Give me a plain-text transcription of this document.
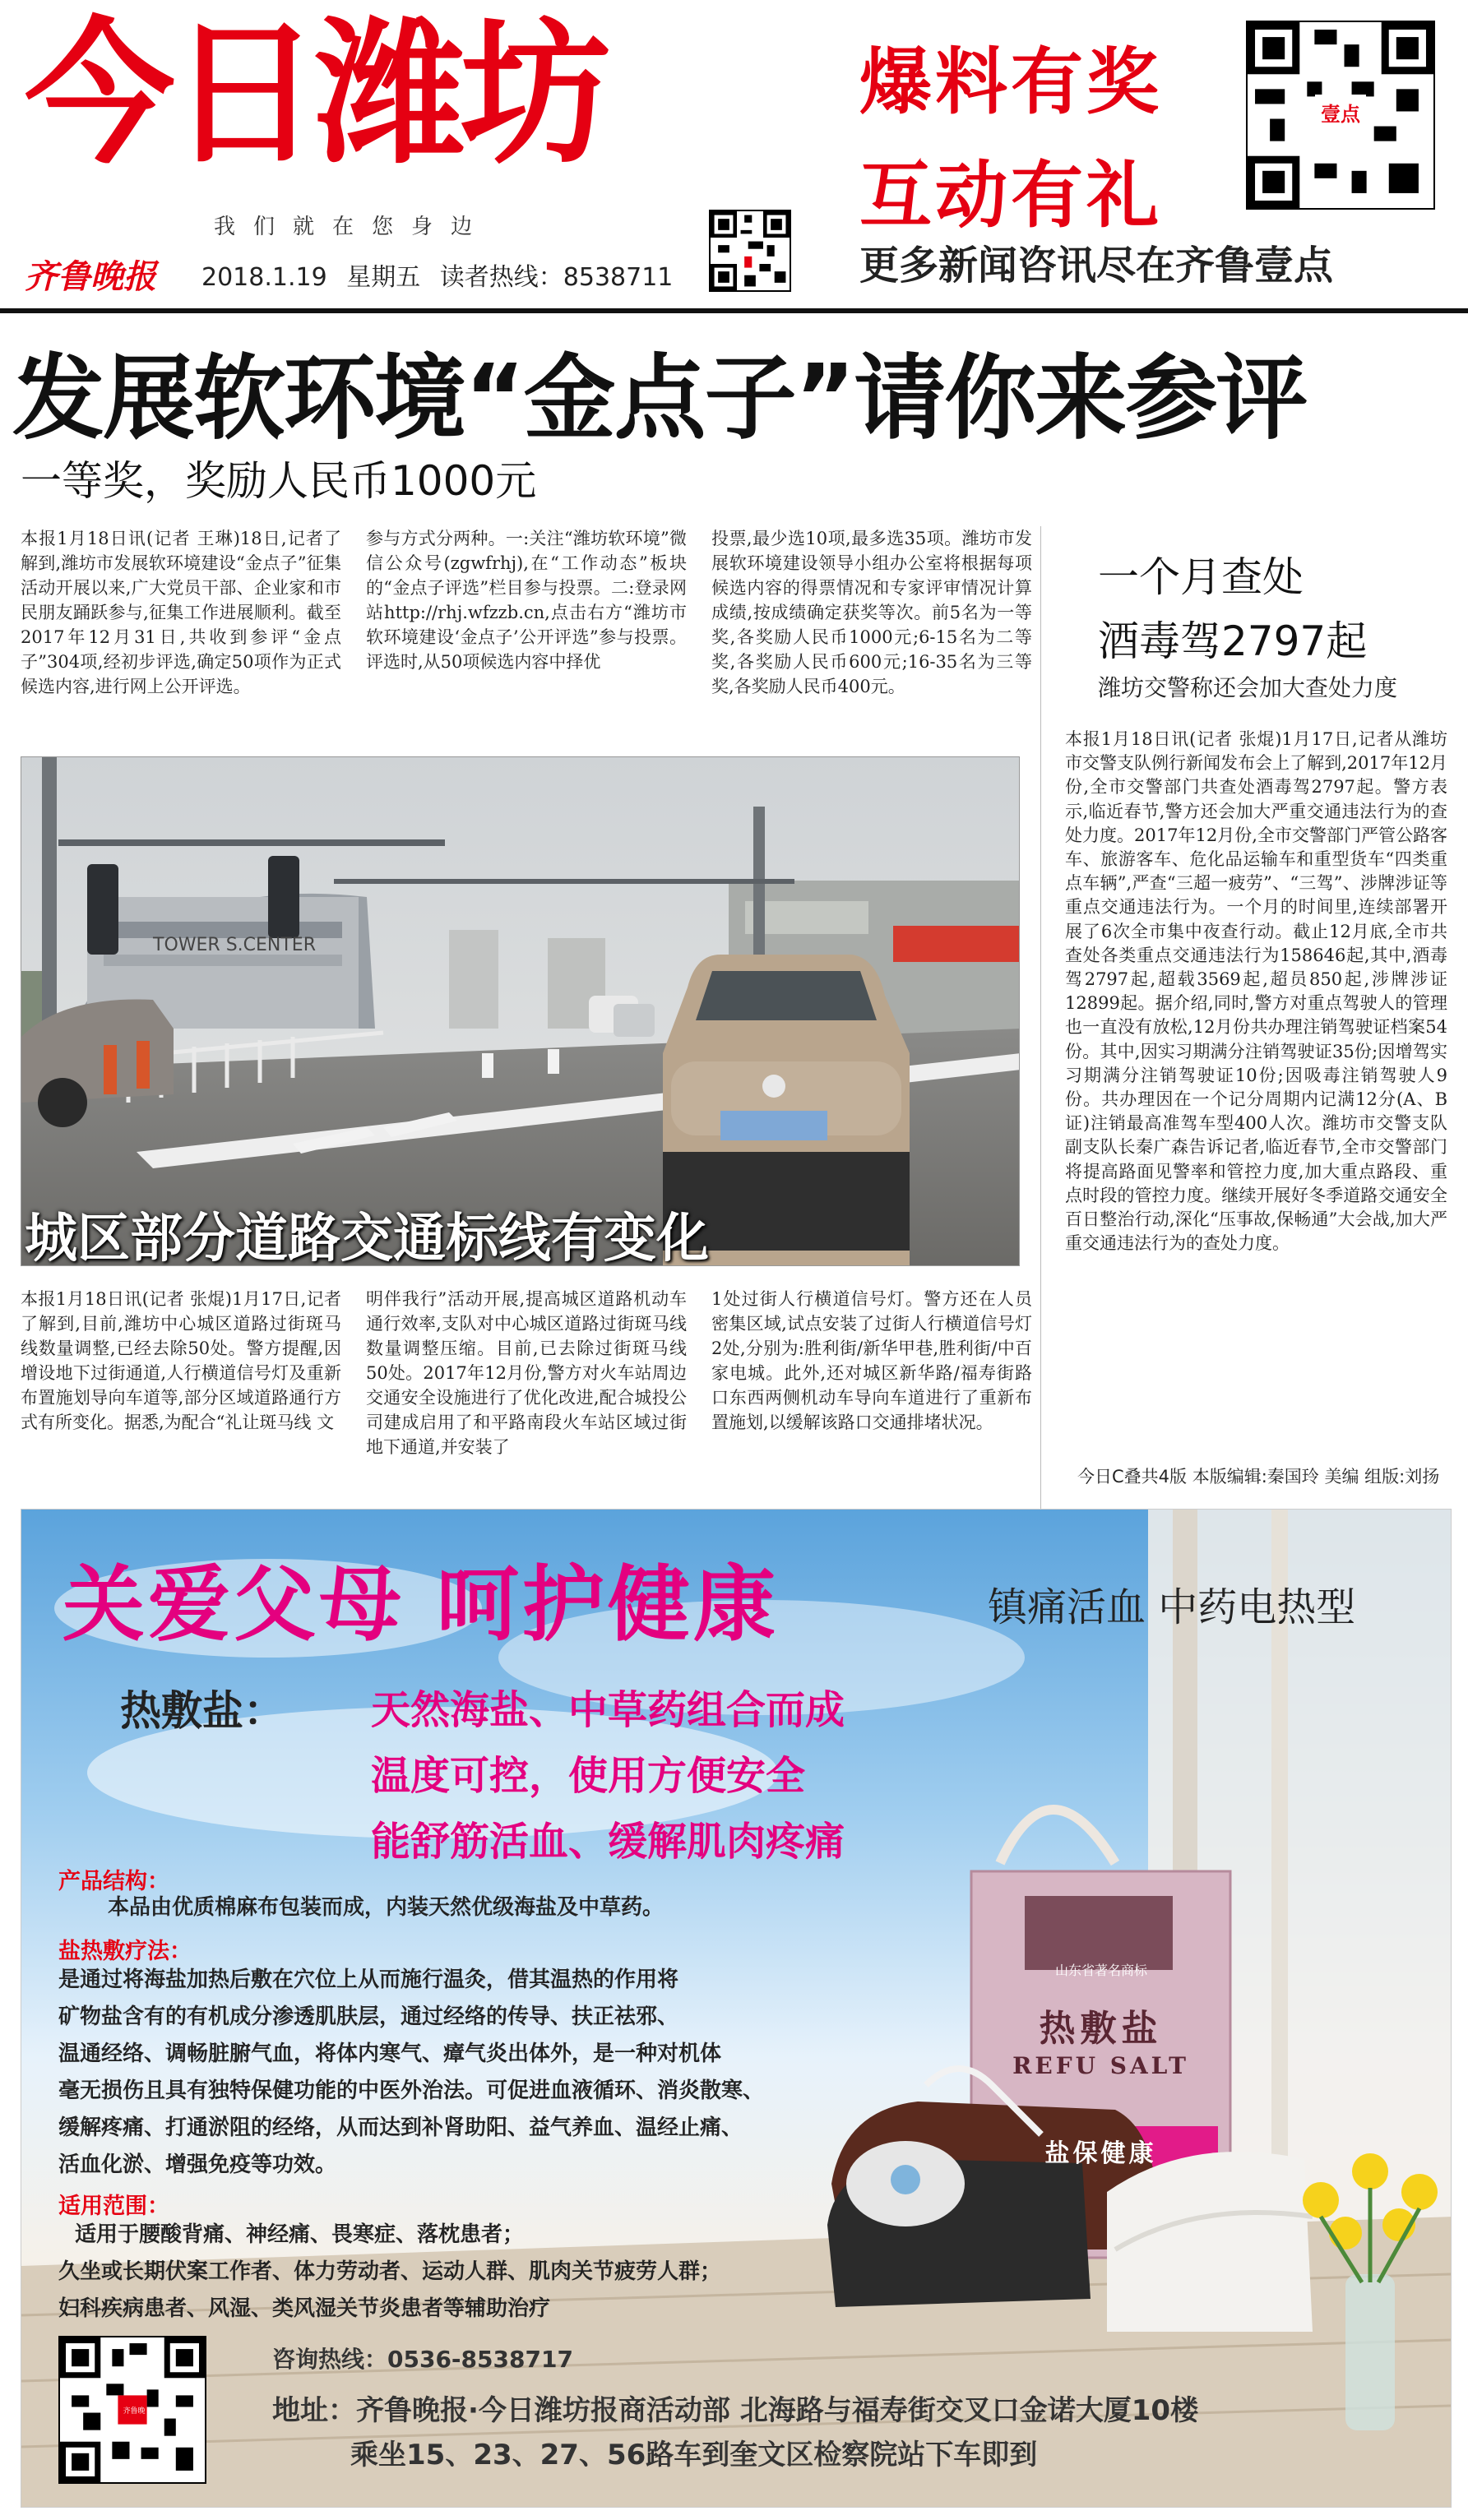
今日潍坊
我们就在您身边
齐鲁晚报 2018.1.19 星期五 读者热线：8538711
爆料有奖
互动有礼
更多新闻咨讯尽在齐鲁壹点
壹点
发展软环境“金点子”请你来参评
一等奖，奖励人民币1000元
本报1月18日讯(记者 王琳)18日,记者了解到,潍坊市发展软环境建设“金点子”征集活动开展以来,广大党员干部、企业家和市民朋友踊跃参与,征集工作进展顺利。截至2017年12月31日,共收到参评“金点子”304项,经初步评选,确定50项作为正式候选内容,进行网上公开评选。
参与方式分两种。一:关注“潍坊软环境”微信公众号(zgwfrhj),在“工作动态”板块的“金点子评选”栏目参与投票。二:登录网站http://rhj.wfzzb.cn,点击右方“潍坊市软环境建设‘金点子’公开评选”参与投票。评选时,从50项候选内容中择优
投票,最少选10项,最多选35项。潍坊市发展软环境建设领导小组办公室将根据每项候选内容的得票情况和专家评审情况计算成绩,按成绩确定获奖等次。前5名为一等奖,各奖励人民币1000元;6-15名为二等奖,各奖励人民币600元;16-35名为三等奖,各奖励人民币400元。
一个月查处
酒毒驾2797起
潍坊交警称还会加大查处力度
本报1月18日讯(记者 张焜)1月17日,记者从潍坊市交警支队例行新闻发布会上了解到,2017年12月份,全市交警部门共查处酒毒驾2797起。警方表示,临近春节,警方还会加大严重交通违法行为的查处力度。2017年12月份,全市交警部门严管公路客车、旅游客车、危化品运输车和重型货车“四类重点车辆”,严查“三超一疲劳”、“三驾”、涉牌涉证等重点交通违法行为。一个月的时间里,连续部署开展了6次全市集中夜查行动。截止12月底,全市共查处各类重点交通违法行为158646起,其中,酒毒驾2797起,超载3569起,超员850起,涉牌涉证12899起。据介绍,同时,警方对重点驾驶人的管理也一直没有放松,12月份共办理注销驾驶证档案54份。其中,因实习期满分注销驾驶证35份;因增驾实习期满分注销驾驶证10份;因吸毒注销驾驶人9份。共办理因在一个记分周期内记满12分(A、B证)注销最高准驾车型400人次。潍坊市交警支队副支队长秦广森告诉记者,临近春节,全市交警部门将提高路面见警率和管控力度,加大重点路段、重点时段的管控力度。继续开展好冬季道路交通安全百日整治行动,深化“压事故,保畅通”大会战,加大严重交通违法行为的查处力度。
TOWER S.CENTER
城区部分道路交通标线有变化
本报1月18日讯(记者 张焜)1月17日,记者了解到,目前,潍坊中心城区道路过街斑马线数量调整,已经去除50处。警方提醒,因增设地下过街通道,人行横道信号灯及重新布置施划导向车道等,部分区域道路通行方式有所变化。据悉,为配合“礼让斑马线 文
明伴我行”活动开展,提高城区道路机动车通行效率,支队对中心城区道路过街斑马线数量调整压缩。目前,已去除过街斑马线50处。2017年12月份,警方对火车站周边交通安全设施进行了优化改进,配合城投公司建成启用了和平路南段火车站区域过街地下通道,并安装了
1处过街人行横道信号灯。警方还在人员密集区域,试点安装了过街人行横道信号灯2处,分别为:胜利街/新华甲巷,胜利街/中百家电城。此外,还对城区新华路/福寿街路口东西两侧机动车导向车道进行了重新布置施划,以缓解该路口交通排堵状况。
今日C叠共4版 本版编辑:秦国玲 美编 组版:刘扬
关爱父母 呵护健康	镇痛活血 中药电热型
热敷盐： 天然海盐、中草药组合而成
温度可控，使用方便安全
能舒筋活血、缓解肌肉疼痛
产品结构：
本品由优质棉麻布包装而成，内装天然优级海盐及中草药。
盐热敷疗法：
是通过将海盐加热后敷在穴位上从而施行温灸，借其温热的作用将
矿物盐含有的有机成分渗透肌肤层，通过经络的传导、扶正祛邪、
温通经络、调畅脏腑气血，将体内寒气、瘴气炎出体外，是一种对机体
毫无损伤且具有独特保健功能的中医外治法。可促进血液循环、消炎散寒、
缓解疼痛、打通淤阻的经络，从而达到补肾助阳、益气养血、温经止痛、
活血化淤、增强免疫等功效。
适用范围：
适用于腰酸背痛、神经痛、畏寒症、落枕患者；
久坐或长期伏案工作者、体力劳动者、运动人群、肌肉关节疲劳人群；
妇科疾病患者、风湿、类风湿关节炎患者等辅助治疗
山东省著名商标
热敷盐
REFU SALT
盐保健康
齐鲁晚报
咨询热线：0536-8538717
地址：齐鲁晚报·今日潍坊报商活动部 北海路与福寿街交叉口金诺大厦10楼
乘坐15、23、27、56路车到奎文区检察院站下车即到
